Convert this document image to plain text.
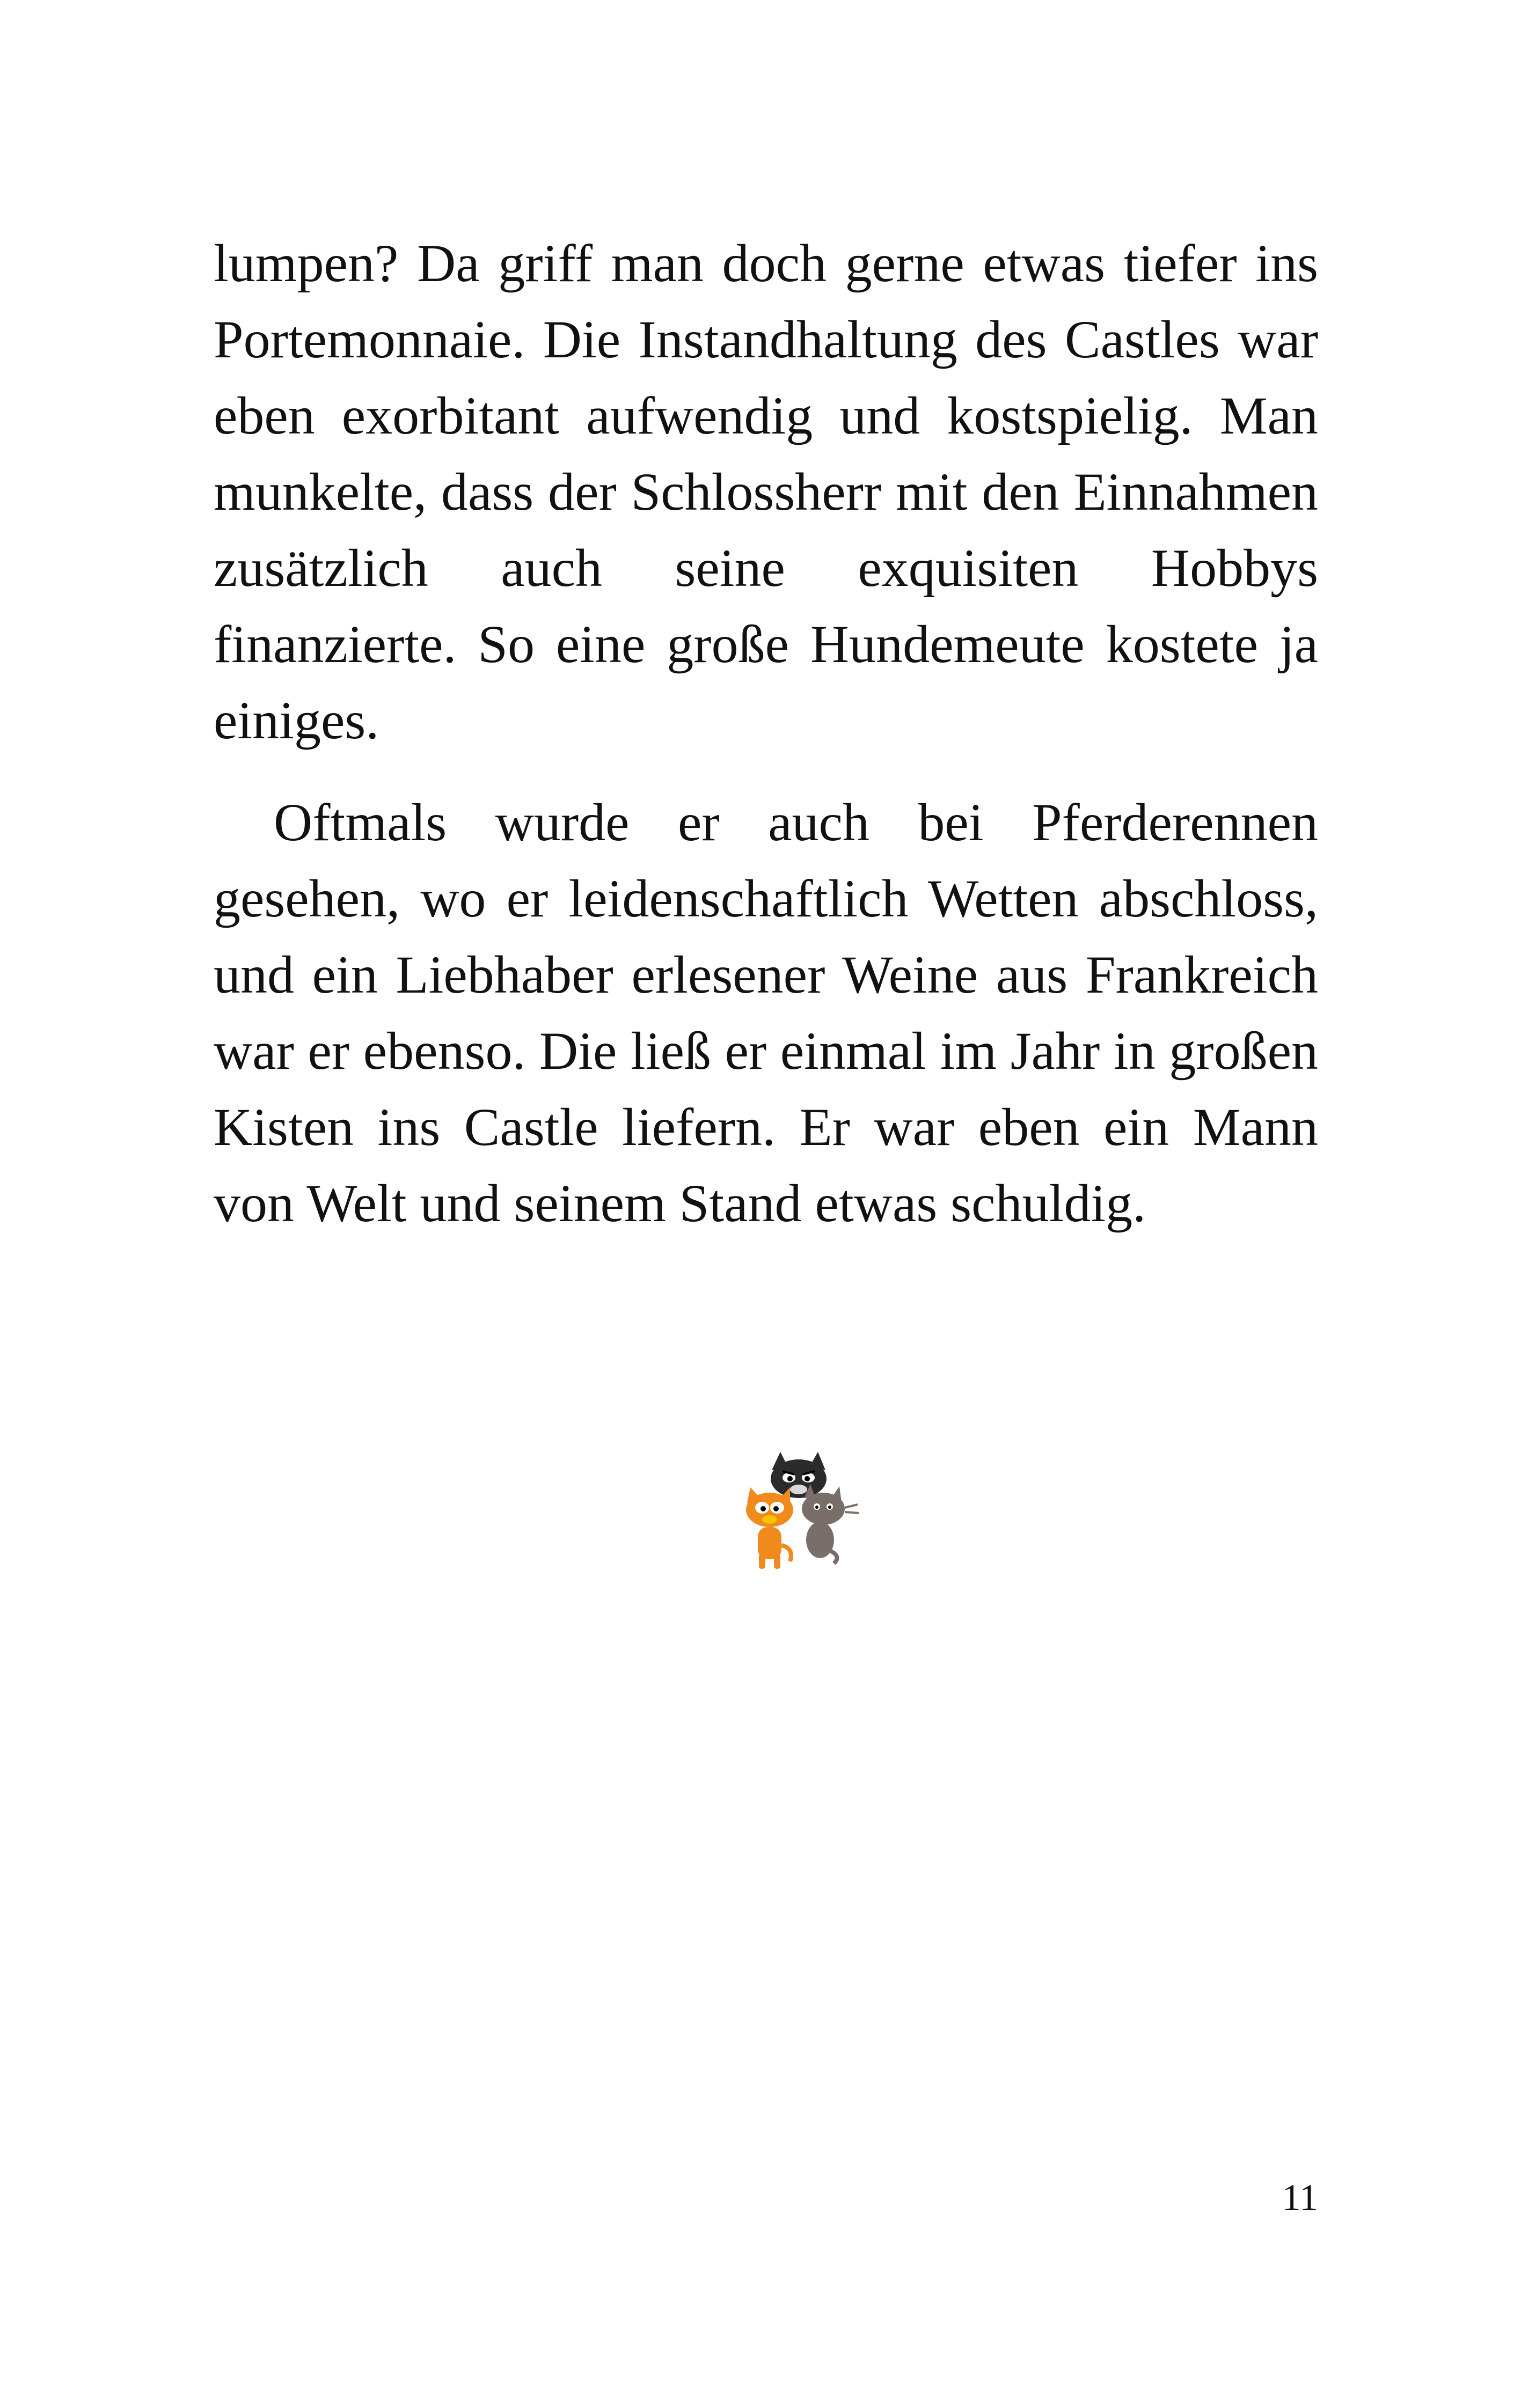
lumpen? Da griff man doch gerne etwas tiefer ins Portemonnaie. Die Instandhaltung des Castles war eben exorbitant aufwendig und kostspielig. Man munkelte, dass der Schlossherr mit den Einnahmen zusätzlich auch seine exquisiten Hobbys finanzierte. So eine große Hundemeute kostete ja einiges.

Oftmals wurde er auch bei Pferderennen gesehen, wo er leidenschaftlich Wetten abschloss, und ein Liebhaber erlesener Weine aus Frankreich war er ebenso. Die ließ er einmal im Jahr in großen Kisten ins Castle liefern. Er war eben ein Mann von Welt und seinem Stand etwas schuldig.

11
